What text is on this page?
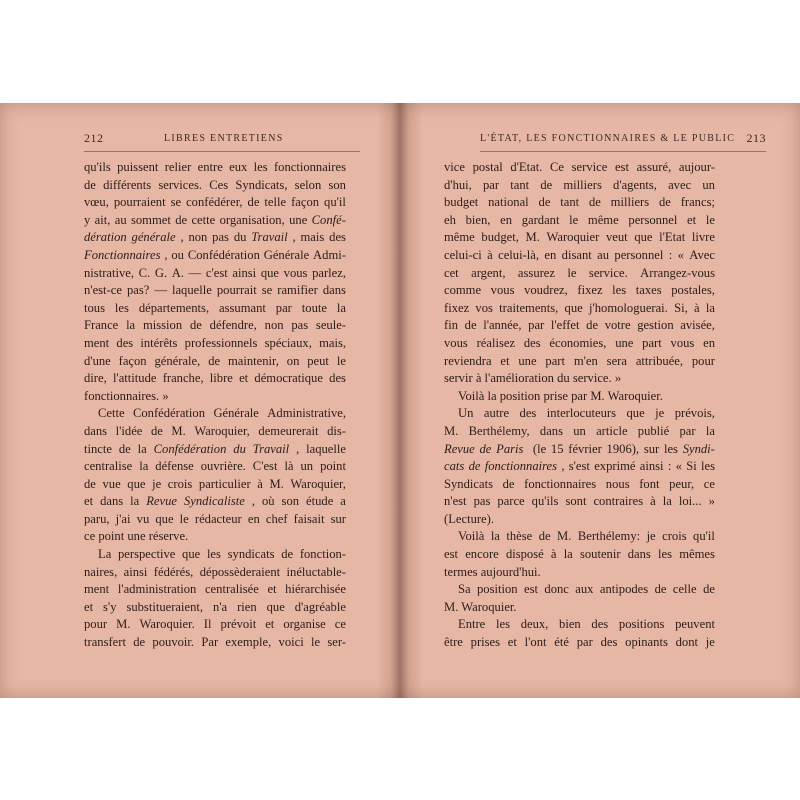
212	LIBRES ENTRETIENS
qu'ils puissent relier entre eux les fonctionnaires
de différents services. Ces Syndicats, selon son
vœu, pourraient se confédérer, de telle façon qu'il
y ait, au sommet de cette organisation, une Confé-
dération générale , non pas du Travail , mais des
Fonctionnaires , ou Confédération Générale Admi-
nistrative, C. G. A. — c'est ainsi que vous parlez,
n'est-ce pas? — laquelle pourrait se ramifier dans
tous les départements, assumant par toute la
France la mission de défendre, non pas seule-
ment des intérêts professionnels spéciaux, mais,
d'une façon générale, de maintenir, on peut le
dire, l'attitude franche, libre et démocratique des
fonctionnaires. »
Cette Confédération Générale Administrative,
dans l'idée de M. Waroquier, demeurerait dis-
tincte de la Confédération du Travail , laquelle
centralise la défense ouvrière. C'est là un point
de vue que je crois particulier à M. Waroquier,
et dans la Revue Syndicaliste , où son étude a
paru, j'ai vu que le rédacteur en chef faisait sur
ce point une réserve.
La perspective que les syndicats de fonction-
naires, ainsi fédérés, dépossèderaient inéluctable-
ment l'administration centralisée et hiérarchisée
et s'y substitueraient, n'a rien que d'agréable
pour M. Waroquier. Il prévoit et organise ce
transfert de pouvoir. Par exemple, voici le ser-
L'ÉTAT, LES FONCTIONNAIRES & LE PUBLIC 213
vice postal d'Etat. Ce service est assuré, aujour-
d'hui, par tant de milliers d'agents, avec un
budget national de tant de milliers de francs;
eh bien, en gardant le même personnel et le
même budget, M. Waroquier veut que l'Etat livre
celui-ci à celui-là, en disant au personnel : « Avec
cet argent, assurez le service. Arrangez-vous
comme vous voudrez, fixez les taxes postales,
fixez vos traitements, que j'homologuerai. Si, à la
fin de l'année, par l'effet de votre gestion avisée,
vous réalisez des économies, une part vous en
reviendra et une part m'en sera attribuée, pour
servir à l'amélioration du service. »
Voilà la position prise par M. Waroquier.
Un autre des interlocuteurs que je prévois,
M. Berthélemy, dans un article publié par la
Revue de Paris (le 15 février 1906), sur les Syndi-
cats de fonctionnaires , s'est exprimé ainsi : « Si les
Syndicats de fonctionnaires nous font peur, ce
n'est pas parce qu'ils sont contraires à la loi... »
(Lecture).
Voilà la thèse de M. Berthélemy: je crois qu'il
est encore disposé à la soutenir dans les mêmes
termes aujourd'hui.
Sa position est donc aux antipodes de celle de
M. Waroquier.
Entre les deux, bien des positions peuvent
être prises et l'ont été par des opinants dont je
